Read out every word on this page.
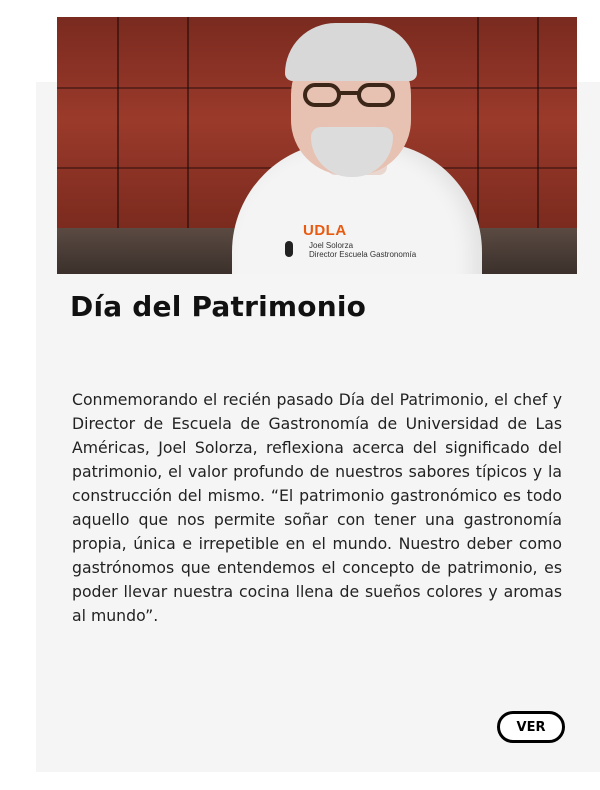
UDLA
Joel Solorza
Director Escuela Gastronomía
Día del Patrimonio

Conmemorando el recién pasado Día del Patrimonio, el chef y Director de Escuela de Gastronomía de Universidad de Las Américas, Joel Solorza, reflexiona acerca del significado del patrimonio, el valor profundo de nuestros sabores típicos y la construcción del mismo. “El patrimonio gastronómico es todo aquello que nos permite soñar con tener una gastronomía propia, única e irrepetible en el mundo. Nuestro deber como gastrónomos que entendemos el concepto de patrimonio, es poder llevar nuestra cocina llena de sueños colores y aromas al mundo”.

VER
